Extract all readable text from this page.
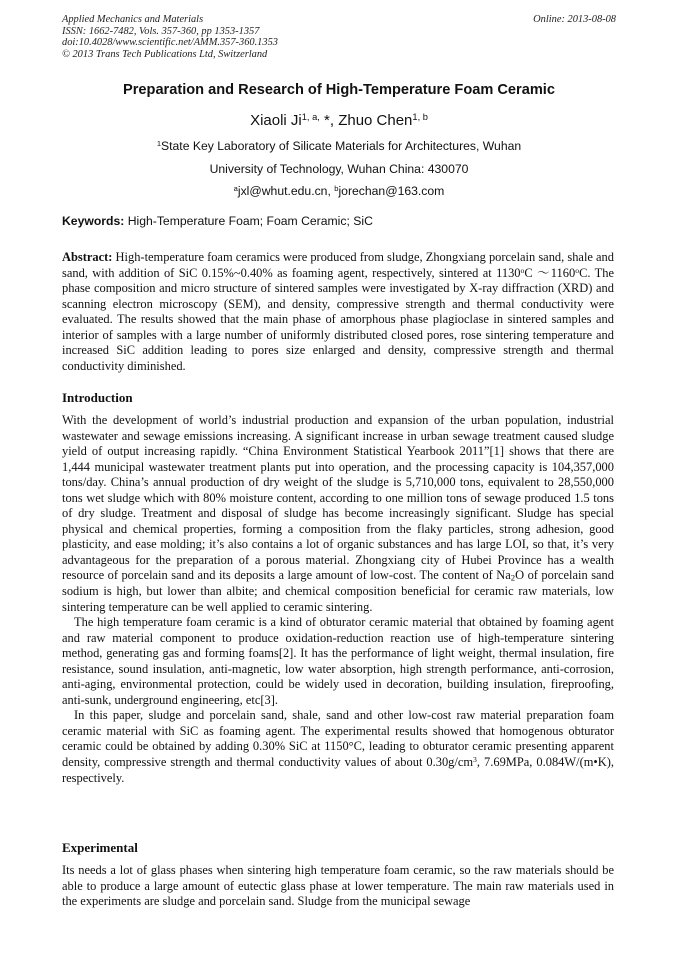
Applied Mechanics and Materials
ISSN: 1662-7482, Vols. 357-360, pp 1353-1357
doi:10.4028/www.scientific.net/AMM.357-360.1353
© 2013 Trans Tech Publications Ltd, Switzerland
Online: 2013-08-08
Preparation and Research of High-Temperature Foam Ceramic
Xiaoli $Ji^{1, a,}$ *, Zhuo Chen$^{1, b}$
$^1$State Key Laboratory of Silicate Materials for Architectures, Wuhan
University of Technology, Wuhan China: 430070
$^a$jxl@whut.edu.cn, $^b$jorechan@163.com
Keywords: High-Temperature Foam; Foam Ceramic; SiC

Abstract: High-temperature foam ceramics were produced from sludge, Zhongxiang porcelain sand, shale and sand, with addition of SiC 0.15%~0.40% as foaming agent, respectively, sintered at 1130$^o$C ～1160$^o$C. The phase composition and micro structure of sintered samples were investigated by X-ray diffraction (XRD) and scanning electron microscopy (SEM), and density, compressive strength and thermal conductivity were evaluated. The results showed that the main phase of amorphous phase plagioclase in sintered samples and interior of samples with a large number of uniformly distributed closed pores, rose sintering temperature and increased SiC addition leading to pores size enlarged and density, compressive strength and thermal conductivity diminished.

Introduction

With the development of world’s industrial production and expansion of the urban population, industrial wastewater and sewage emissions increasing. A significant increase in urban sewage treatment caused sludge yield of output increasing rapidly. “China Environment Statistical Yearbook 2011”[1] shows that there are 1,444 municipal wastewater treatment plants put into operation, and the processing capacity is 104,357,000 tons/day. China’s annual production of dry weight of the sludge is 5,710,000 tons, equivalent to 28,550,000 tons wet sludge which with 80% moisture content, according to one million tons of sewage produced 1.5 tons of dry sludge. Treatment and disposal of sludge has become increasingly significant. Sludge has special physical and chemical properties, forming a composition from the flaky particles, strong adhesion, good plasticity, and ease molding; it’s also contains a lot of organic substances and has large LOI, so that, it’s very advantageous for the preparation of a porous material. Zhongxiang city of Hubei Province has a wealth resource of porcelain sand and its deposits a large amount of low-cost. The content of $Na_2O$ of porcelain sand sodium is high, but lower than albite; and chemical composition beneficial for ceramic raw materials, low sintering temperature can be well applied to ceramic sintering.

The high temperature foam ceramic is a kind of obturator ceramic material that obtained by foaming agent and raw material component to produce oxidation-reduction reaction use of high-temperature sintering method, generating gas and forming foams[2]. It has the performance of light weight, thermal insulation, fire resistance, sound insulation, anti-magnetic, low water absorption, high strength performance, anti-corrosion, anti-aging, environmental protection, could be widely used in decoration, building insulation, fireproofing, anti-sunk, underground engineering, etc[3].

In this paper, sludge and porcelain sand, shale, sand and other low-cost raw material preparation foam ceramic material with SiC as foaming agent. The experimental results showed that homogenous obturator ceramic could be obtained by adding 0.30% SiC at 1150°C, leading to obturator ceramic presenting apparent density, compressive strength and thermal conductivity values of about $0.30g/cm^3$, 7.69MPa, 0.084W/(m•K), respectively.

Experimental

Its needs a lot of glass phases when sintering high temperature foam ceramic, so the raw materials should be able to produce a large amount of eutectic glass phase at lower temperature. The main raw materials used in the experiments are sludge and porcelain sand. Sludge from the municipal sewage
